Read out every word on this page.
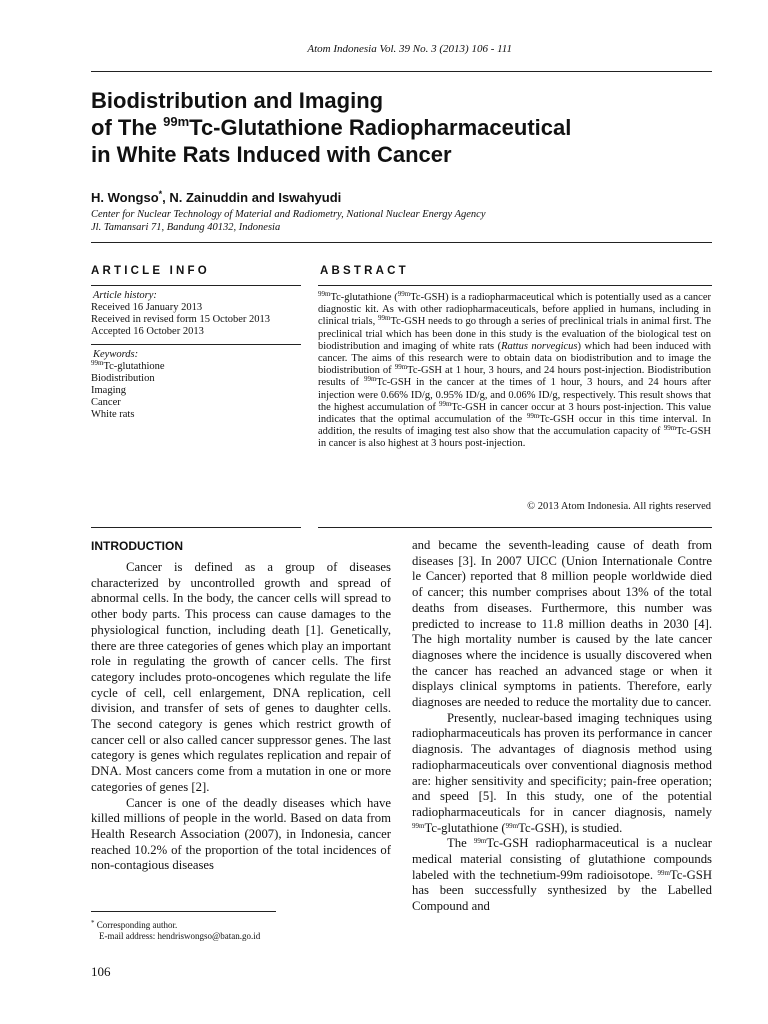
Atom Indonesia Vol. 39 No. 3 (2013) 106 - 111
Biodistribution and Imaging
of The $^{99m}$Tc-Glutathione Radiopharmaceutical
in White Rats Induced with Cancer
H. Wongso*, N. Zainuddin and Iswahyudi
Center for Nuclear Technology of Material and Radiometry, National Nuclear Energy Agency
Jl. Tamansari 71, Bandung 40132, Indonesia
ARTICLE INFO	ABSTRACT
Article history:
Received 16 January 2013
Received in revised form 15 October 2013
Accepted 16 October 2013
Keywords:
$^{99m}$Tc-glutathione
Biodistribution
Imaging
Cancer
White rats

$^{99m}$Tc-glutathione ($^{99m}$Tc-GSH) is a radiopharmaceutical which is potentially used as a cancer diagnostic kit. As with other radiopharmaceuticals, before applied in humans, including in clinical trials, $^{99m}$Tc-GSH needs to go through a series of preclinical trials in animal first. The preclinical trial which has been done in this study is the evaluation of the biological test on biodistribution and imaging of white rats (Rattus norvegicus) which had been induced with cancer. The aims of this research were to obtain data on biodistribution and to image the biodistribution of $^{99m}$Tc-GSH at 1 hour, 3 hours, and 24 hours post-injection. Biodistribution results of $^{99m}$Tc-GSH in the cancer at the times of 1 hour, 3 hours, and 24 hours after injection were 0.66% ID/g, 0.95% ID/g, and 0.06% ID/g, respectively. This result shows that the highest accumulation of $^{99m}$Tc-GSH in cancer occur at 3 hours post-injection. This value indicates that the optimal accumulation of the $^{99m}$Tc-GSH occur in this time interval. In addition, the results of imaging test also show that the accumulation capacity of $^{99m}$Tc-GSH in cancer is also highest at 3 hours post-injection.

© 2013 Atom Indonesia. All rights reserved
INTRODUCTION

Cancer is defined as a group of diseases characterized by uncontrolled growth and spread of abnormal cells. In the body, the cancer cells will spread to other body parts. This process can cause damages to the physiological function, including death [1]. Genetically, there are three categories of genes which play an important role in regulating the growth of cancer cells. The first category includes proto-oncogenes which regulate the life cycle of cell, cell enlargement, DNA replication, cell division, and transfer of sets of genes to daughter cells. The second category is genes which restrict growth of cancer cell or also called cancer suppressor genes. The last category is genes which regulates replication and repair of DNA. Most cancers come from a mutation in one or more categories of genes [2].

Cancer is one of the deadly diseases which have killed millions of people in the world. Based on data from Health Research Association (2007), in Indonesia, cancer reached 10.2% of the proportion of the total incidences of non-contagious diseases

and became the seventh-leading cause of death from diseases [3]. In 2007 UICC (Union Internationale Contre le Cancer) reported that 8 million people worldwide died of cancer; this number comprises about 13% of the total deaths from diseases. Furthermore, this number was predicted to increase to 11.8 million deaths in 2030 [4]. The high mortality number is caused by the late cancer diagnoses where the incidence is usually discovered when the cancer has reached an advanced stage or when it displays clinical symptoms in patients. Therefore, early diagnoses are needed to reduce the mortality due to cancer.

Presently, nuclear-based imaging techniques using radiopharmaceuticals has proven its performance in cancer diagnosis. The advantages of diagnosis method using radiopharmaceuticals over conventional diagnosis method are: higher sensitivity and specificity; pain-free operation; and speed [5]. In this study, one of the potential radiopharmaceuticals for in cancer diagnosis, namely $^{99m}$Tc-glutathione ($^{99m}$Tc-GSH), is studied.

The $^{99m}$Tc-GSH radiopharmaceutical is a nuclear medical material consisting of glutathione compounds labeled with the technetium-99m radioisotope. $^{99m}$Tc-GSH has been successfully synthesized by the Labelled Compound and

* Corresponding author.
E-mail address: hendriswongso@batan.go.id
106
